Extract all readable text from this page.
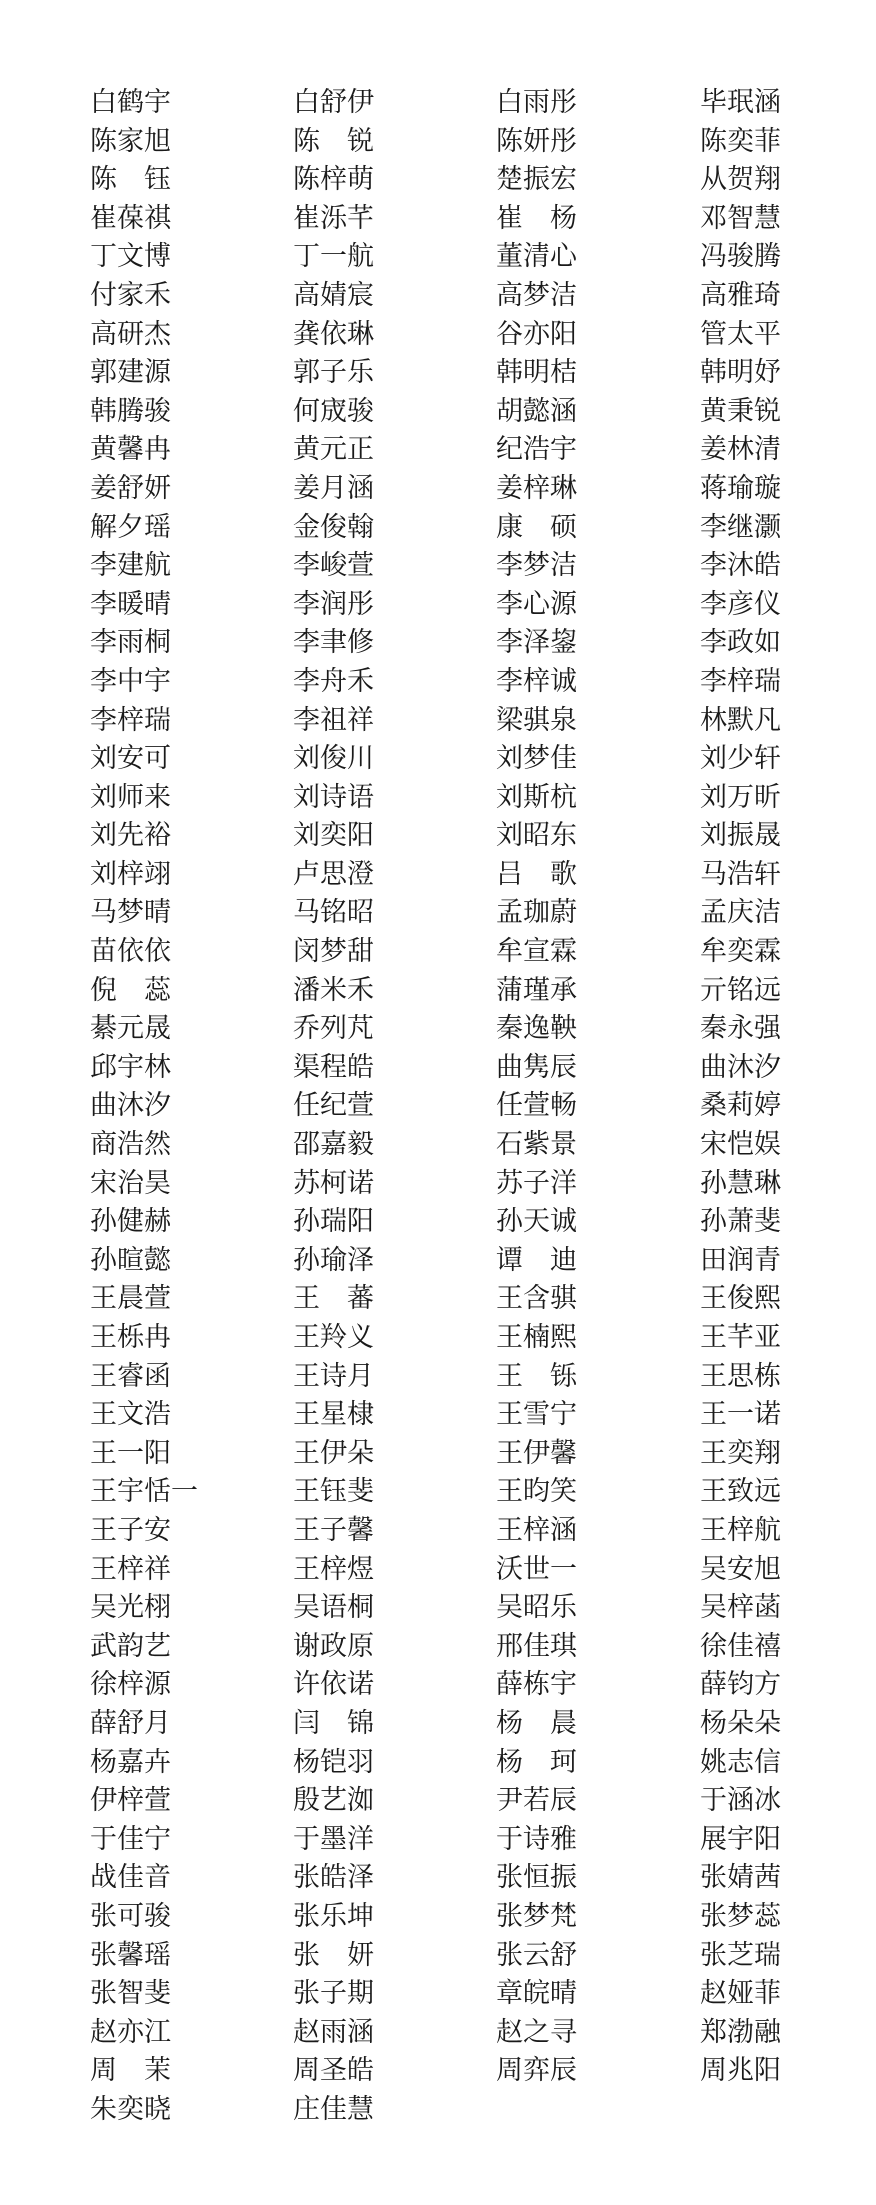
白鹤宇	白舒伊	白雨彤	毕珉涵
陈家旭	陈　锐	陈妍彤	陈奕菲
陈　钰	陈梓萌	楚振宏	从贺翔
崔葆祺	崔泺芊	崔　杨	邓智慧
丁文博	丁一航	董清心	冯骏腾
付家禾	高婧宸	高梦洁	高雅琦
高研杰	龚依琳	谷亦阳	管太平
郭建源	郭子乐	韩明桔	韩明妤
韩腾骏	何宬骏	胡懿涵	黄秉锐
黄馨冉	黄元正	纪浩宇	姜林清
姜舒妍	姜月涵	姜梓琳	蒋瑜璇
解夕瑶	金俊翰	康　硕	李继灏
李建航	李峻萱	李梦洁	李沐皓
李暖晴	李润彤	李心源	李彦仪
李雨桐	李聿修	李泽鋆	李政如
李中宇	李舟禾	李梓诚	李梓瑞
李梓瑞	李祖祥	梁骐泉	林默凡
刘安可	刘俊川	刘梦佳	刘少轩
刘师来	刘诗语	刘斯杭	刘万昕
刘先裕	刘奕阳	刘昭东	刘振晟
刘梓翊	卢思澄	吕　歌	马浩轩
马梦晴	马铭昭	孟珈蔚	孟庆洁
苗依依	闵梦甜	牟宣霖	牟奕霖
倪　蕊	潘米禾	蒲瑾承	亓铭远
綦元晟	乔列芃	秦逸鞅	秦永强
邱宇林	渠程皓	曲隽辰	曲沐汐
曲沐汐	任纪萱	任萱畅	桑莉婷
商浩然	邵嘉毅	石紫景	宋恺娱
宋治昊	苏柯诺	苏子洋	孙慧琳
孙健赫	孙瑞阳	孙天诚	孙萧斐
孙暄懿	孙瑜泽	谭　迪	田润青
王晨萱	王　蕃	王含骐	王俊熙
王栎冉	王羚义	王楠熙	王芊亚
王睿函	王诗月	王　铄	王思栋
王文浩	王星棣	王雪宁	王一诺
王一阳	王伊朵	王伊馨	王奕翔
王宇恬一	王钰斐	王昀笑	王致远
王子安	王子馨	王梓涵	王梓航
王梓祥	王梓煜	沃世一	吴安旭
吴光栩	吴语桐	吴昭乐	吴梓菡
武韵艺	谢政原	邢佳琪	徐佳禧
徐梓源	许依诺	薛栋宇	薛钧方
薛舒月	闫　锦	杨　晨	杨朵朵
杨嘉卉	杨铠羽	杨　珂	姚志信
伊梓萱	殷艺洳	尹若辰	于涵冰
于佳宁	于墨洋	于诗雅	展宇阳
战佳音	张皓泽	张恒振	张婧茜
张可骏	张乐坤	张梦梵	张梦蕊
张馨瑶	张　妍	张云舒	张芝瑞
张智斐	张子期	章皖晴	赵娅菲
赵亦江	赵雨涵	赵之寻	郑渤融
周　茉	周圣皓	周弈辰	周兆阳
朱奕晓	庄佳慧
